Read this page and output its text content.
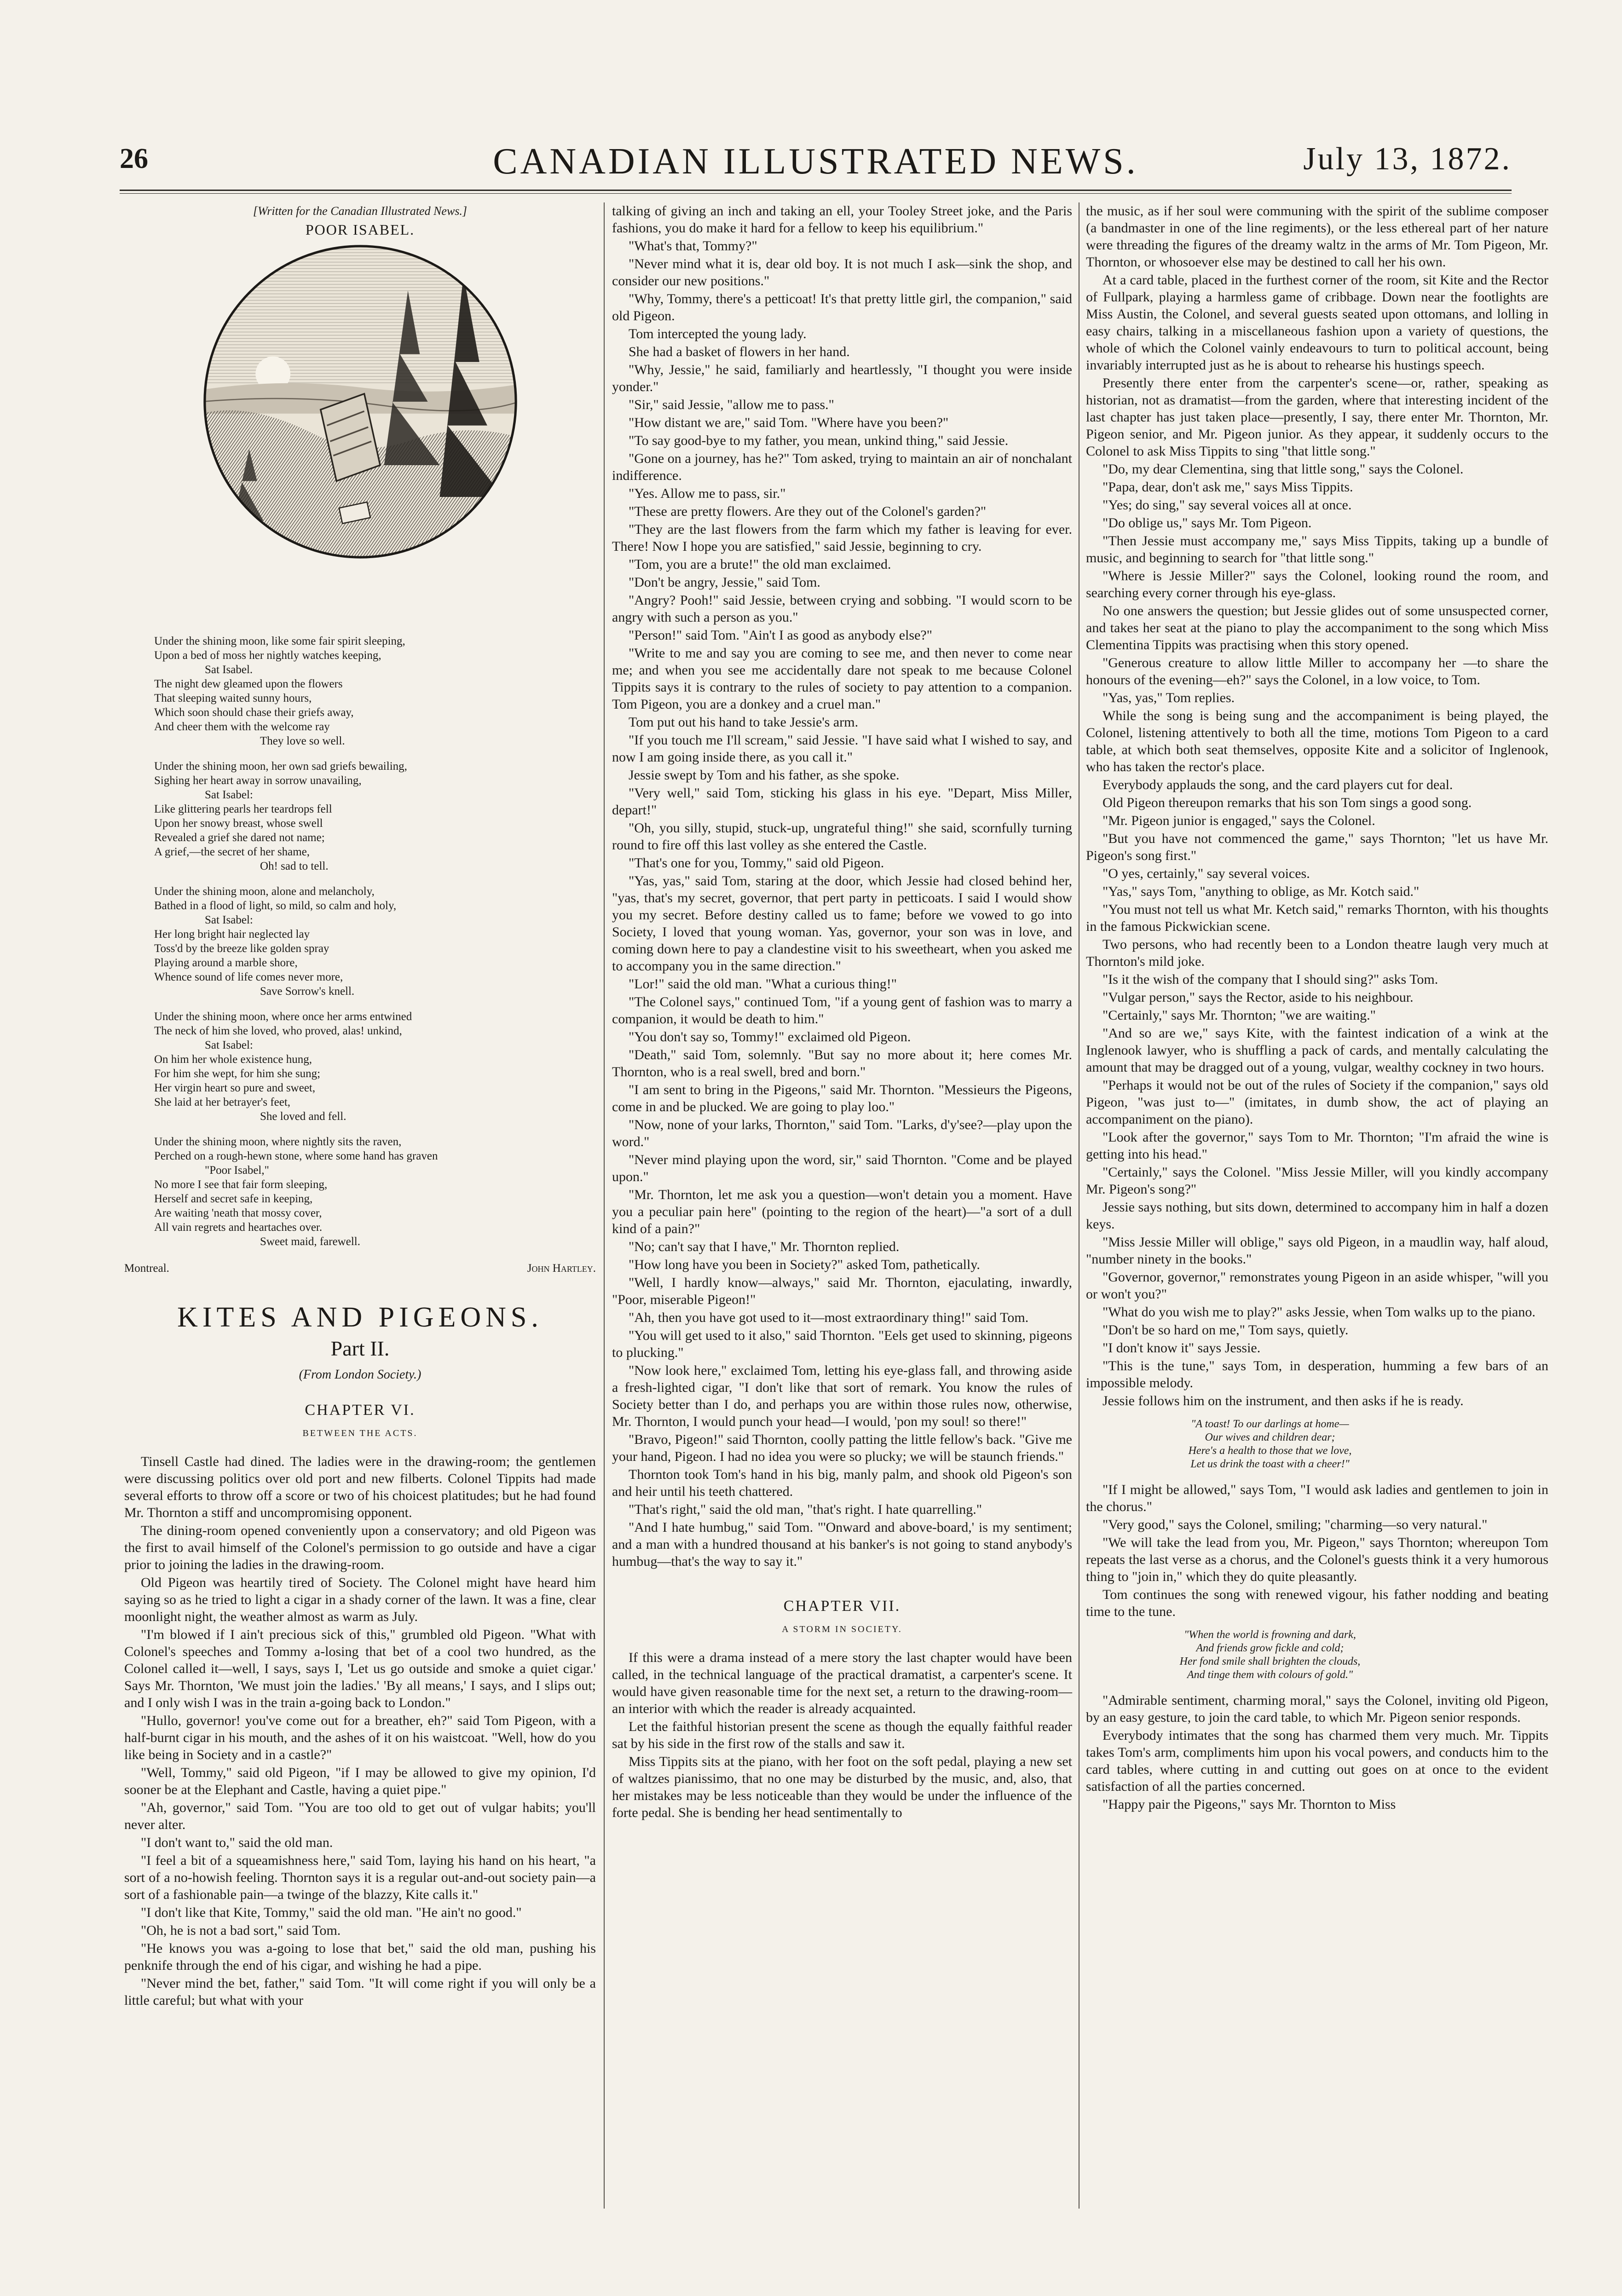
26	CANADIAN ILLUSTRATED NEWS.	July 13, 1872.
[Written for the Canadian Illustrated News.]
POOR ISABEL.
Under the shining moon, like some fair spirit sleeping,
Upon a bed of moss her nightly watches keeping,
Sat Isabel.
The night dew gleamed upon the flowers
That sleeping waited sunny hours,
Which soon should chase their griefs away,
And cheer them with the welcome ray
They love so well.
Under the shining moon, her own sad griefs bewailing,
Sighing her heart away in sorrow unavailing,
Sat Isabel:
Like glittering pearls her teardrops fell
Upon her snowy breast, whose swell
Revealed a grief she dared not name;
A grief,—the secret of her shame,
Oh! sad to tell.
Under the shining moon, alone and melancholy,
Bathed in a flood of light, so mild, so calm and holy,
Sat Isabel:
Her long bright hair neglected lay
Toss'd by the breeze like golden spray
Playing around a marble shore,
Whence sound of life comes never more,
Save Sorrow's knell.
Under the shining moon, where once her arms entwined
The neck of him she loved, who proved, alas! unkind,
Sat Isabel:
On him her whole existence hung,
For him she wept, for him she sung;
Her virgin heart so pure and sweet,
She laid at her betrayer's feet,
She loved and fell.
Under the shining moon, where nightly sits the raven,
Perched on a rough-hewn stone, where some hand has graven
"Poor Isabel,"
No more I see that fair form sleeping,
Herself and secret safe in keeping,
Are waiting 'neath that mossy cover,
All vain regrets and heartaches over.
Sweet maid, farewell.
Montreal.	John Hartley.
KITES AND PIGEONS.
Part II.
(From London Society.)
CHAPTER VI.
BETWEEN THE ACTS.

Tinsell Castle had dined. The ladies were in the drawing-room; the gentlemen were discussing politics over old port and new filberts. Colonel Tippits had made several efforts to throw off a score or two of his choicest platitudes; but he had found Mr. Thornton a stiff and uncompromising opponent.

The dining-room opened conveniently upon a conservatory; and old Pigeon was the first to avail himself of the Colonel's permission to go outside and have a cigar prior to joining the ladies in the drawing-room.

Old Pigeon was heartily tired of Society. The Colonel might have heard him saying so as he tried to light a cigar in a shady corner of the lawn. It was a fine, clear moonlight night, the weather almost as warm as July.

"I'm blowed if I ain't precious sick of this," grumbled old Pigeon. "What with Colonel's speeches and Tommy a-losing that bet of a cool two hundred, as the Colonel called it—well, I says, says I, 'Let us go outside and smoke a quiet cigar.' Says Mr. Thornton, 'We must join the ladies.' 'By all means,' I says, and I slips out; and I only wish I was in the train a-going back to London."

"Hullo, governor! you've come out for a breather, eh?" said Tom Pigeon, with a half-burnt cigar in his mouth, and the ashes of it on his waistcoat. "Well, how do you like being in Society and in a castle?"

"Well, Tommy," said old Pigeon, "if I may be allowed to give my opinion, I'd sooner be at the Elephant and Castle, having a quiet pipe."

"Ah, governor," said Tom. "You are too old to get out of vulgar habits; you'll never alter.

"I don't want to," said the old man.

"I feel a bit of a squeamishness here," said Tom, laying his hand on his heart, "a sort of a no-howish feeling. Thornton says it is a regular out-and-out society pain—a sort of a fashionable pain—a twinge of the blazzy, Kite calls it."

"I don't like that Kite, Tommy," said the old man. "He ain't no good."

"Oh, he is not a bad sort," said Tom.

"He knows you was a-going to lose that bet," said the old man, pushing his penknife through the end of his cigar, and wishing he had a pipe.

"Never mind the bet, father," said Tom. "It will come right if you will only be a little careful; but what with your

talking of giving an inch and taking an ell, your Tooley Street joke, and the Paris fashions, you do make it hard for a fellow to keep his equilibrium."

"What's that, Tommy?"

"Never mind what it is, dear old boy. It is not much I ask—sink the shop, and consider our new positions."

"Why, Tommy, there's a petticoat! It's that pretty little girl, the companion," said old Pigeon.

Tom intercepted the young lady.

She had a basket of flowers in her hand.

"Why, Jessie," he said, familiarly and heartlessly, "I thought you were inside yonder."

"Sir," said Jessie, "allow me to pass."

"How distant we are," said Tom. "Where have you been?"

"To say good-bye to my father, you mean, unkind thing," said Jessie.

"Gone on a journey, has he?" Tom asked, trying to maintain an air of nonchalant indifference.

"Yes. Allow me to pass, sir."

"These are pretty flowers. Are they out of the Colonel's garden?"

"They are the last flowers from the farm which my father is leaving for ever. There! Now I hope you are satisfied," said Jessie, beginning to cry.

"Tom, you are a brute!" the old man exclaimed.

"Don't be angry, Jessie," said Tom.

"Angry? Pooh!" said Jessie, between crying and sobbing. "I would scorn to be angry with such a person as you."

"Person!" said Tom. "Ain't I as good as anybody else?"

"Write to me and say you are coming to see me, and then never to come near me; and when you see me accidentally dare not speak to me because Colonel Tippits says it is contrary to the rules of society to pay attention to a companion. Tom Pigeon, you are a donkey and a cruel man."

Tom put out his hand to take Jessie's arm.

"If you touch me I'll scream," said Jessie. "I have said what I wished to say, and now I am going inside there, as you call it."

Jessie swept by Tom and his father, as she spoke.

"Very well," said Tom, sticking his glass in his eye. "Depart, Miss Miller, depart!"

"Oh, you silly, stupid, stuck-up, ungrateful thing!" she said, scornfully turning round to fire off this last volley as she entered the Castle.

"That's one for you, Tommy," said old Pigeon.

"Yas, yas," said Tom, staring at the door, which Jessie had closed behind her, "yas, that's my secret, governor, that pert party in petticoats. I said I would show you my secret. Before destiny called us to fame; before we vowed to go into Society, I loved that young woman. Yas, governor, your son was in love, and coming down here to pay a clandestine visit to his sweetheart, when you asked me to accompany you in the same direction."

"Lor!" said the old man. "What a curious thing!"

"The Colonel says," continued Tom, "if a young gent of fashion was to marry a companion, it would be death to him."

"You don't say so, Tommy!" exclaimed old Pigeon.

"Death," said Tom, solemnly. "But say no more about it; here comes Mr. Thornton, who is a real swell, bred and born."

"I am sent to bring in the Pigeons," said Mr. Thornton. "Messieurs the Pigeons, come in and be plucked. We are going to play loo."

"Now, none of your larks, Thornton," said Tom. "Larks, d'y'see?—play upon the word."

"Never mind playing upon the word, sir," said Thornton. "Come and be played upon."

"Mr. Thornton, let me ask you a question—won't detain you a moment. Have you a peculiar pain here" (pointing to the region of the heart)—"a sort of a dull kind of a pain?"

"No; can't say that I have," Mr. Thornton replied.

"How long have you been in Society?" asked Tom, pathetically.

"Well, I hardly know—always," said Mr. Thornton, ejaculating, inwardly, "Poor, miserable Pigeon!"

"Ah, then you have got used to it—most extraordinary thing!" said Tom.

"You will get used to it also," said Thornton. "Eels get used to skinning, pigeons to plucking."

"Now look here," exclaimed Tom, letting his eye-glass fall, and throwing aside a fresh-lighted cigar, "I don't like that sort of remark. You know the rules of Society better than I do, and perhaps you are within those rules now, otherwise, Mr. Thornton, I would punch your head—I would, 'pon my soul! so there!"

"Bravo, Pigeon!" said Thornton, coolly patting the little fellow's back. "Give me your hand, Pigeon. I had no idea you were so plucky; we will be staunch friends."

Thornton took Tom's hand in his big, manly palm, and shook old Pigeon's son and heir until his teeth chattered.

"That's right," said the old man, "that's right. I hate quarrelling."

"And I hate humbug," said Tom. "'Onward and above-board,' is my sentiment; and a man with a hundred thousand at his banker's is not going to stand anybody's humbug—that's the way to say it."

CHAPTER VII.
A STORM IN SOCIETY.

If this were a drama instead of a mere story the last chapter would have been called, in the technical language of the practical dramatist, a carpenter's scene. It would have given reasonable time for the next set, a return to the drawing-room—an interior with which the reader is already acquainted.

Let the faithful historian present the scene as though the equally faithful reader sat by his side in the first row of the stalls and saw it.

Miss Tippits sits at the piano, with her foot on the soft pedal, playing a new set of waltzes pianissimo, that no one may be disturbed by the music, and, also, that her mistakes may be less noticeable than they would be under the influence of the forte pedal. She is bending her head sentimentally to

the music, as if her soul were communing with the spirit of the sublime composer (a bandmaster in one of the line regiments), or the less ethereal part of her nature were threading the figures of the dreamy waltz in the arms of Mr. Tom Pigeon, Mr. Thornton, or whosoever else may be destined to call her his own.

At a card table, placed in the furthest corner of the room, sit Kite and the Rector of Fullpark, playing a harmless game of cribbage. Down near the footlights are Miss Austin, the Colonel, and several guests seated upon ottomans, and lolling in easy chairs, talking in a miscellaneous fashion upon a variety of questions, the whole of which the Colonel vainly endeavours to turn to political account, being invariably interrupted just as he is about to rehearse his hustings speech.

Presently there enter from the carpenter's scene—or, rather, speaking as historian, not as dramatist—from the garden, where that interesting incident of the last chapter has just taken place—presently, I say, there enter Mr. Thornton, Mr. Pigeon senior, and Mr. Pigeon junior. As they appear, it suddenly occurs to the Colonel to ask Miss Tippits to sing "that little song."

"Do, my dear Clementina, sing that little song," says the Colonel.

"Papa, dear, don't ask me," says Miss Tippits.

"Yes; do sing," say several voices all at once.

"Do oblige us," says Mr. Tom Pigeon.

"Then Jessie must accompany me," says Miss Tippits, taking up a bundle of music, and beginning to search for "that little song."

"Where is Jessie Miller?" says the Colonel, looking round the room, and searching every corner through his eye-glass.

No one answers the question; but Jessie glides out of some unsuspected corner, and takes her seat at the piano to play the accompaniment to the song which Miss Clementina Tippits was practising when this story opened.

"Generous creature to allow little Miller to accompany her —to share the honours of the evening—eh?" says the Colonel, in a low voice, to Tom.

"Yas, yas," Tom replies.

While the song is being sung and the accompaniment is being played, the Colonel, listening attentively to both all the time, motions Tom Pigeon to a card table, at which both seat themselves, opposite Kite and a solicitor of Inglenook, who has taken the rector's place.

Everybody applauds the song, and the card players cut for deal.

Old Pigeon thereupon remarks that his son Tom sings a good song.

"Mr. Pigeon junior is engaged," says the Colonel.

"But you have not commenced the game," says Thornton; "let us have Mr. Pigeon's song first."

"O yes, certainly," say several voices.

"Yas," says Tom, "anything to oblige, as Mr. Kotch said."

"You must not tell us what Mr. Ketch said," remarks Thornton, with his thoughts in the famous Pickwickian scene.

Two persons, who had recently been to a London theatre laugh very much at Thornton's mild joke.

"Is it the wish of the company that I should sing?" asks Tom.

"Vulgar person," says the Rector, aside to his neighbour.

"Certainly," says Mr. Thornton; "we are waiting."

"And so are we," says Kite, with the faintest indication of a wink at the Inglenook lawyer, who is shuffling a pack of cards, and mentally calculating the amount that may be dragged out of a young, vulgar, wealthy cockney in two hours.

"Perhaps it would not be out of the rules of Society if the companion," says old Pigeon, "was just to—" (imitates, in dumb show, the act of playing an accompaniment on the piano).

"Look after the governor," says Tom to Mr. Thornton; "I'm afraid the wine is getting into his head."

"Certainly," says the Colonel. "Miss Jessie Miller, will you kindly accompany Mr. Pigeon's song?"

Jessie says nothing, but sits down, determined to accompany him in half a dozen keys.

"Miss Jessie Miller will oblige," says old Pigeon, in a maudlin way, half aloud, "number ninety in the books."

"Governor, governor," remonstrates young Pigeon in an aside whisper, "will you or won't you?"

"What do you wish me to play?" asks Jessie, when Tom walks up to the piano.

"Don't be so hard on me," Tom says, quietly.

"I don't know it" says Jessie.

"This is the tune," says Tom, in desperation, humming a few bars of an impossible melody.

Jessie follows him on the instrument, and then asks if he is ready.

"A toast! To our darlings at home—
Our wives and children dear;
Here's a health to those that we love,
Let us drink the toast with a cheer!"

"If I might be allowed," says Tom, "I would ask ladies and gentlemen to join in the chorus."

"Very good," says the Colonel, smiling; "charming—so very natural."

"We will take the lead from you, Mr. Pigeon," says Thornton; whereupon Tom repeats the last verse as a chorus, and the Colonel's guests think it a very humorous thing to "join in," which they do quite pleasantly.

Tom continues the song with renewed vigour, his father nodding and beating time to the tune.

"When the world is frowning and dark,
And friends grow fickle and cold;
Her fond smile shall brighten the clouds,
And tinge them with colours of gold."

"Admirable sentiment, charming moral," says the Colonel, inviting old Pigeon, by an easy gesture, to join the card table, to which Mr. Pigeon senior responds.

Everybody intimates that the song has charmed them very much. Mr. Tippits takes Tom's arm, compliments him upon his vocal powers, and conducts him to the card tables, where cutting in and cutting out goes on at once to the evident satisfaction of all the parties concerned.

"Happy pair the Pigeons," says Mr. Thornton to Miss
